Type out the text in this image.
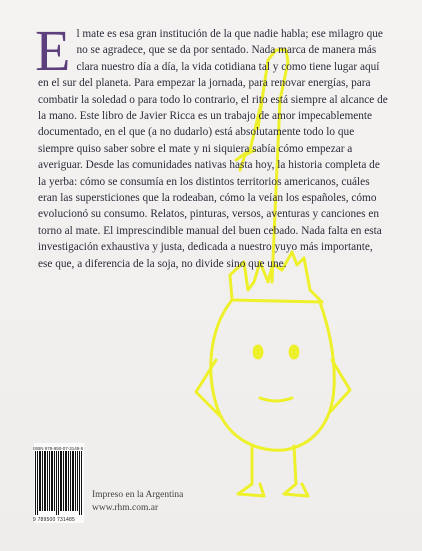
E l mate es esa gran institución de la que nadie habla; ese milagro que no se agradece, que se da por sentado. Nada marca de manera más clara nuestro día a día, la vida cotidiana tal y como tiene lugar aquí en el sur del planeta. Para empezar la jornada, para renovar energías, para combatir la soledad o para todo lo contrario, el rito está siempre al alcance de la mano. Este libro de Javier Ricca es un trabajo de amor impecablemente documentado, en el que (a no dudarlo) está absolutamente todo lo que siempre quiso saber sobre el mate y ni siquiera sabía cómo empezar a averiguar. Desde las comunidades nativas hasta hoy, la historia completa de la yerba: cómo se consumía en los distintos territorios americanos, cuáles eran las supersticiones que la rodeaban, cómo la veían los españoles, cómo evolucionó su consumo. Relatos, pinturas, versos, aventuras y canciones en torno al mate. El imprescindible manual del buen cebado. Nada falta en esta investigación exhaustiva y justa, dedicada a nuestro yuyo más importante, ese que, a diferencia de la soja, no divide sino que une.
ISBN 978-950-07-3148-5
9 789500 731485
Impreso en la Argentina
www.rhm.com.ar
